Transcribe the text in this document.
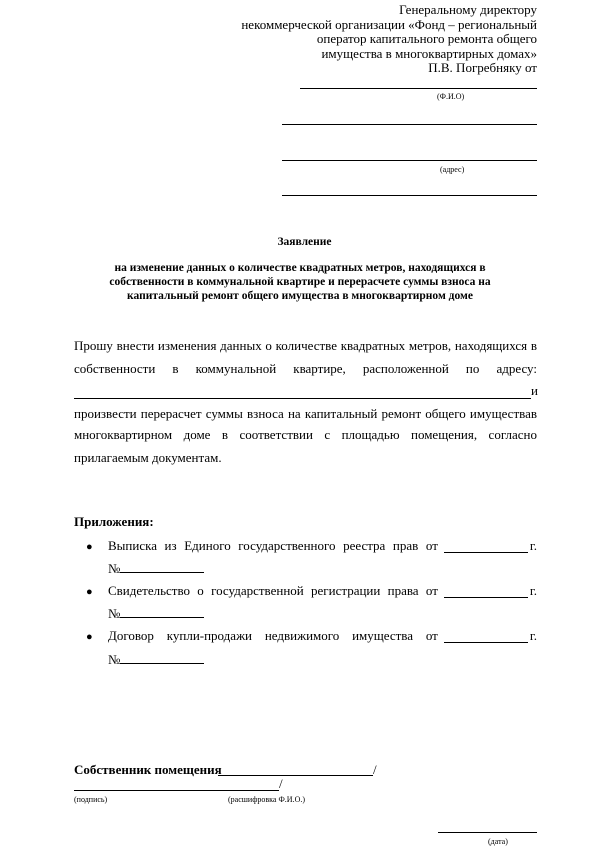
Генеральному директору
некоммерческой организации «Фонд – региональный
оператор капитального ремонта общего
имущества в многоквартирных домах»
П.В. Погребняку от
(Ф.И.О)
(адрес)
Заявление
на изменение данных о количестве квадратных метров, находящихся в
собственности в коммунальной квартире и перерасчете суммы взноса на
капитальный ремонт общего имущества в многоквартирном доме
Прошу внести изменения данных о количестве квадратных метров, находящихся в
собственности в коммунальной квартире, расположенной по адресу:
и
произвести перерасчет суммы взноса на капитальный ремонт общего имуществав
многоквартирном доме в соответствии с площадью помещения, согласно
прилагаемым документам.
Приложения:
● Выписка из Единого государственного реестра прав от	г.
№
● Свидетельство о государственной регистрации права от	г.
№
● Договор купли-продажи недвижимого имущества от	г.
№
Собственник помещения	/
/
(подпись)	(расшифровка Ф.И.О.)
(дата)
